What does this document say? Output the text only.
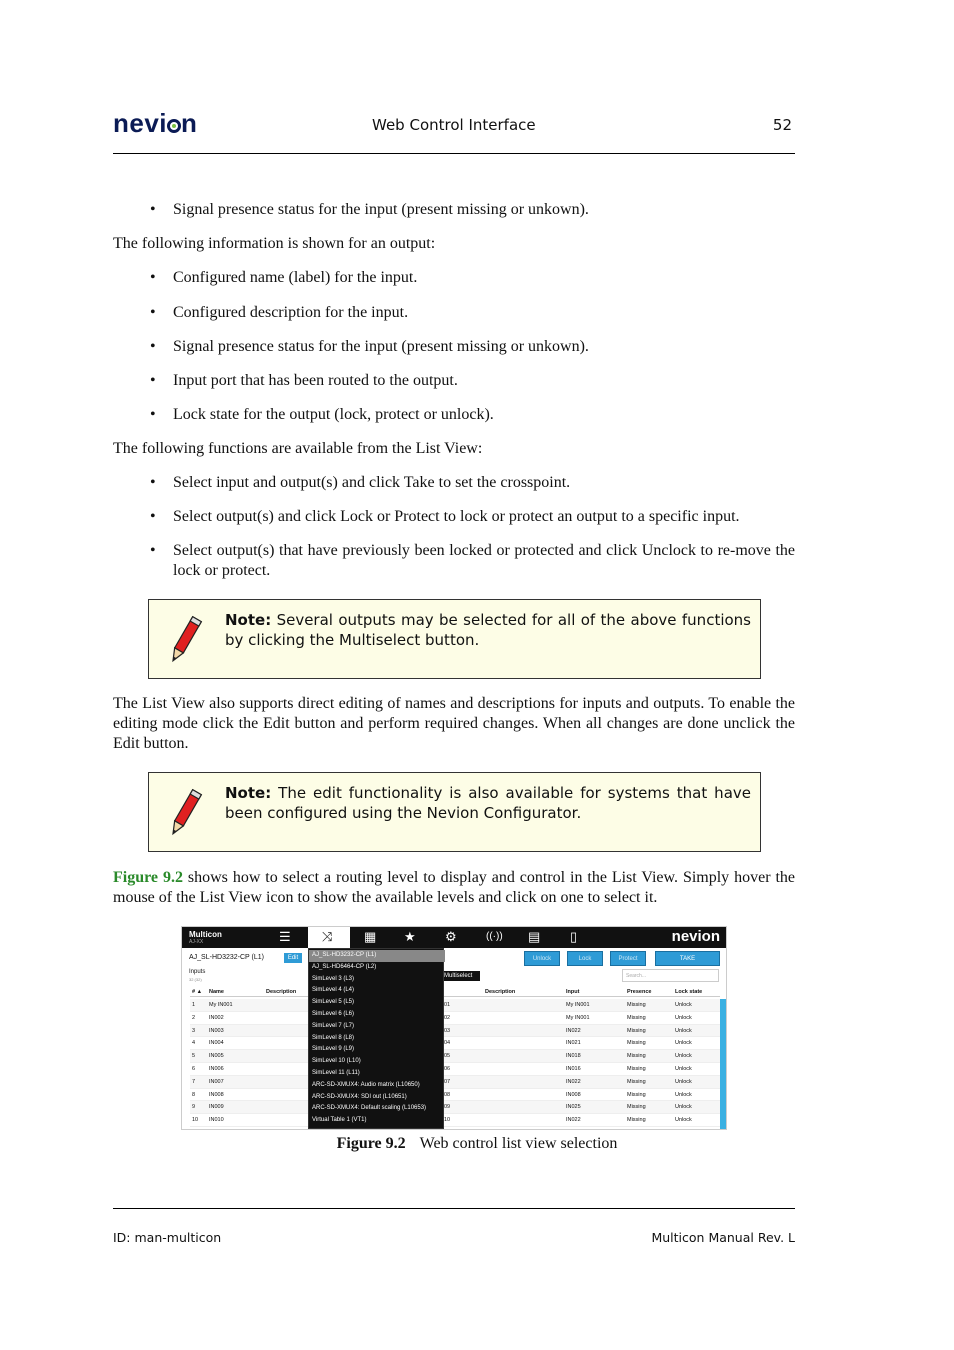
nevi n	Web Control Interface	52
• Signal presence status for the input (present missing or unkown).
The following information is shown for an output:
• Configured name (label) for the input.
• Configured description for the input.
• Signal presence status for the input (present missing or unkown).
• Input port that has been routed to the output.
• Lock state for the output (lock, protect or unlock).
The following functions are available from the List View:
• Select input and output(s) and click Take to set the crosspoint.
• Select output(s) and click Lock or Protect to lock or protect an output to a specific input.
• Select output(s) that have previously been locked or protected and click Unclock to re-move the lock or protect.
Note: Several outputs may be selected for all of the above functions by clicking the Multiselect button.
The List View also supports direct editing of names and descriptions for inputs and outputs. To enable the editing mode click the Edit button and perform required changes. When all changes are done unclick the Edit button.
Note: The edit functionality is also available for systems that have been configured using the Nevion Configurator.
Figure 9.2 shows how to select a routing level to display and control in the List View. Simply hover the mouse of the List View icon to show the available levels and click on one to select it.
Multicon
AJ-XX	☰ ⤨ ▦ ★ ⚙	((·)) ▤ ▯	nevion
AJ_SL-HD3232-CP (L1)	Edit	Unlock	Lock	Protect	TAKE
Inputs
32 (32)
Multiselect	Search...
# ▲ Name	Description	Description	Input	Presence	Lock state
1	My IN001	01	My IN001	Missing	Unlock
2	IN002	02	My IN001	Missing	Unlock
3	IN003	03	IN022	Missing	Unlock
4	IN004	04	IN021	Missing	Unlock
5	IN005	05	IN018	Missing	Unlock
6	IN006	06	IN016	Missing	Unlock
7	IN007	07	IN022	Missing	Unlock
8	IN008	08	IN008	Missing	Unlock
9	IN009	09	IN025	Missing	Unlock
10 IN010	10	IN022	Missing	Unlock
AJ_SL-HD3232-CP (L1)
AJ_SL-HD6464-CP (L2)
SimLevel 3 (L3)
SimLevel 4 (L4)
SimLevel 5 (L5)
SimLevel 6 (L6)
SimLevel 7 (L7)
SimLevel 8 (L8)
SimLevel 9 (L9)
SimLevel 10 (L10)
SimLevel 11 (L11)
ARC-SD-XMUX4: Audio matrix (L10650)
ARC-SD-XMUX4: SDI out (L10651)
ARC-SD-XMUX4: Default scaling (L10653)
Virtual Table 1 (VT1)
Figure 9.2 Web control list view selection
ID: man-multicon	Multicon Manual Rev. L
